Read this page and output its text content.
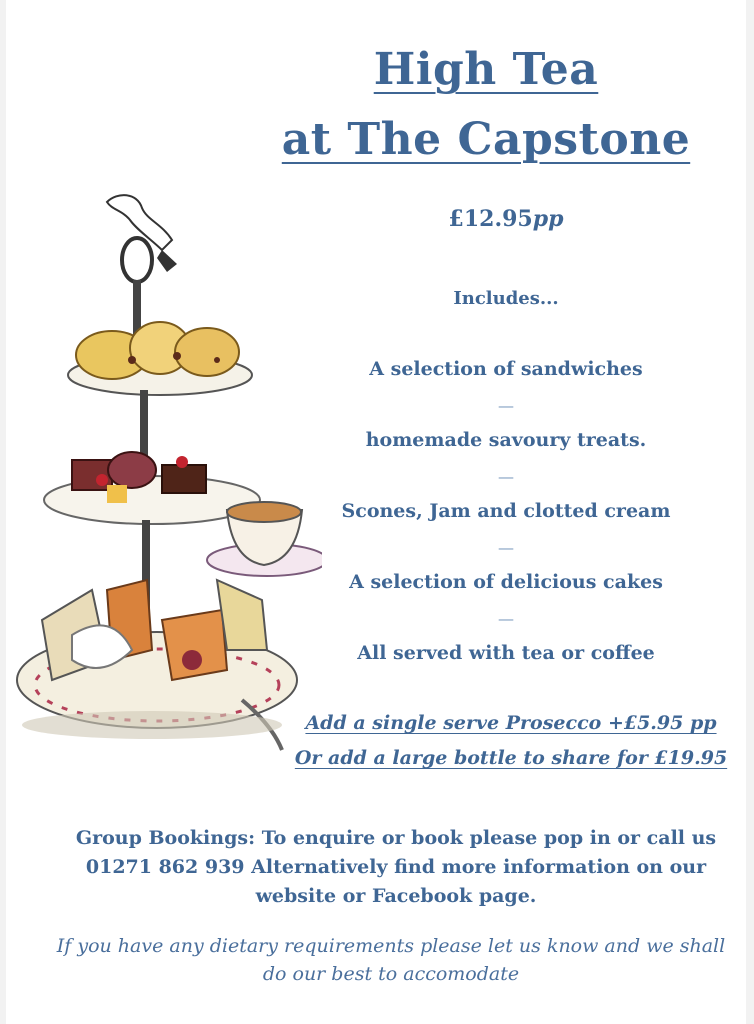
High Tea
at The Capstone
£12.95pp
Includes...
A selection of sandwiches
—
homemade savoury treats.
—
Scones, Jam and clotted cream
—
A selection of delicious cakes
—
All served with tea or coffee
Add a single serve Prosecco +£5.95 pp
Or add a large bottle to share for £19.95
Group Bookings: To enquire or book please pop in or call us 01271 862 939 Alternatively find more information on our website or Facebook page.
If you have any dietary requirements please let us know and we shall do our best to accomodate
